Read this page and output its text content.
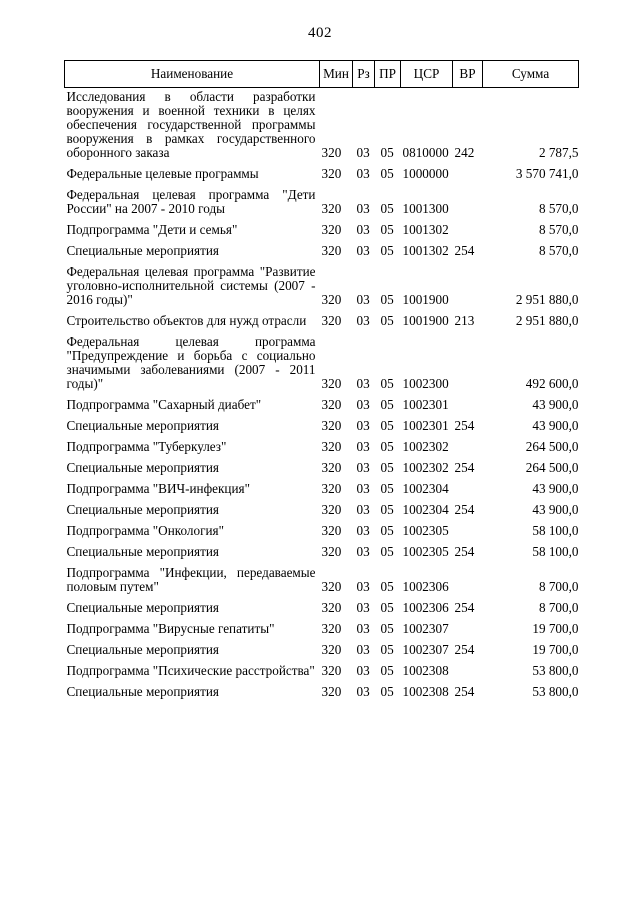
402
Наименование	Мин	Рз	ПР	ЦСР	ВР	Сумма
Исследования в области разработки вооружения и военной техники в целях обеспечения государственной программы вооружения в рамках государственного оборонного заказа	320	03	05	0810000	242	2 787,5
Федеральные целевые программы	320	03	05	1000000		3 570 741,0
Федеральная целевая программа "Дети России" на 2007 - 2010 годы	320	03	05	1001300		8 570,0
Подпрограмма "Дети и семья"	320	03	05	1001302		8 570,0
Специальные мероприятия	320	03	05	1001302	254	8 570,0
Федеральная целевая программа "Развитие уголовно-исполнительной системы (2007 - 2016 годы)"	320	03	05	1001900		2 951 880,0
Строительство объектов для нужд отрасли	320	03	05	1001900	213	2 951 880,0
Федеральная целевая программа "Предупреждение и борьба с социально значимыми заболеваниями (2007 - 2011 годы)"	320	03	05	1002300		492 600,0
Подпрограмма "Сахарный диабет"	320	03	05	1002301		43 900,0
Специальные мероприятия	320	03	05	1002301	254	43 900,0
Подпрограмма "Туберкулез"	320	03	05	1002302		264 500,0
Специальные мероприятия	320	03	05	1002302	254	264 500,0
Подпрограмма "ВИЧ-инфекция"	320	03	05	1002304		43 900,0
Специальные мероприятия	320	03	05	1002304	254	43 900,0
Подпрограмма "Онкология"	320	03	05	1002305		58 100,0
Специальные мероприятия	320	03	05	1002305	254	58 100,0
Подпрограмма "Инфекции, передаваемые половым путем"	320	03	05	1002306		8 700,0
Специальные мероприятия	320	03	05	1002306	254	8 700,0
Подпрограмма "Вирусные гепатиты"	320	03	05	1002307		19 700,0
Специальные мероприятия	320	03	05	1002307	254	19 700,0
Подпрограмма "Психические расстройства"	320	03	05	1002308		53 800,0
Специальные мероприятия	320	03	05	1002308	254	53 800,0
